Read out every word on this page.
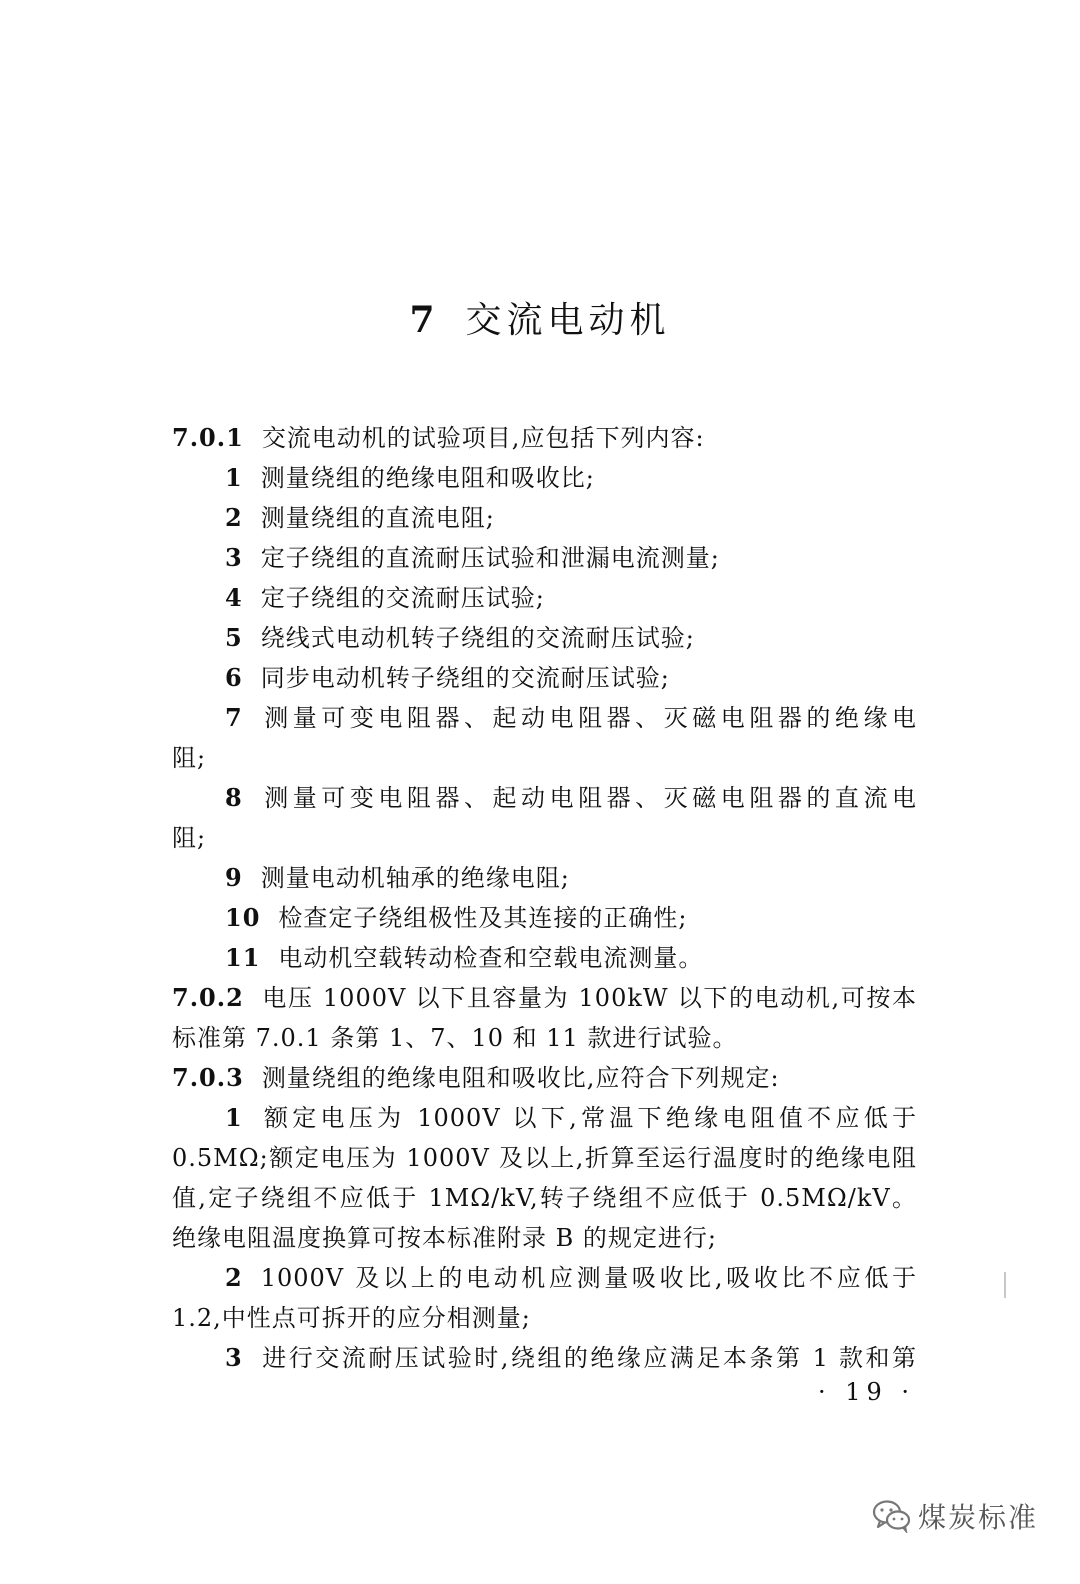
7 交流电动机
7.0.1 交流电动机的试验项目,应包括下列内容:
1 测量绕组的绝缘电阻和吸收比;
2 测量绕组的直流电阻;
3 定子绕组的直流耐压试验和泄漏电流测量;
4 定子绕组的交流耐压试验;
5 绕线式电动机转子绕组的交流耐压试验;
6 同步电动机转子绕组的交流耐压试验;
7 测量可变电阻器、起动电阻器、灭磁电阻器的绝缘电
阻;
8 测量可变电阻器、起动电阻器、灭磁电阻器的直流电
阻;
9 测量电动机轴承的绝缘电阻;
10 检查定子绕组极性及其连接的正确性;
11 电动机空载转动检查和空载电流测量。
7.0.2 电压 1000V 以下且容量为 100kW 以下的电动机,可按本
标准第 7.0.1 条第 1、7、10 和 11 款进行试验。
7.0.3 测量绕组的绝缘电阻和吸收比,应符合下列规定:
1 额定电压为 1000V 以下,常温下绝缘电阻值不应低于
0.5MΩ;额定电压为 1000V 及以上,折算至运行温度时的绝缘电阻
值,定子绕组不应低于 1MΩ/kV,转子绕组不应低于 0.5MΩ/kV。
绝缘电阻温度换算可按本标准附录 B 的规定进行;
2 1000V 及以上的电动机应测量吸收比,吸收比不应低于
1.2,中性点可拆开的应分相测量;
3 进行交流耐压试验时,绕组的绝缘应满足本条第 1 款和第
· 19 ·
煤炭标准
